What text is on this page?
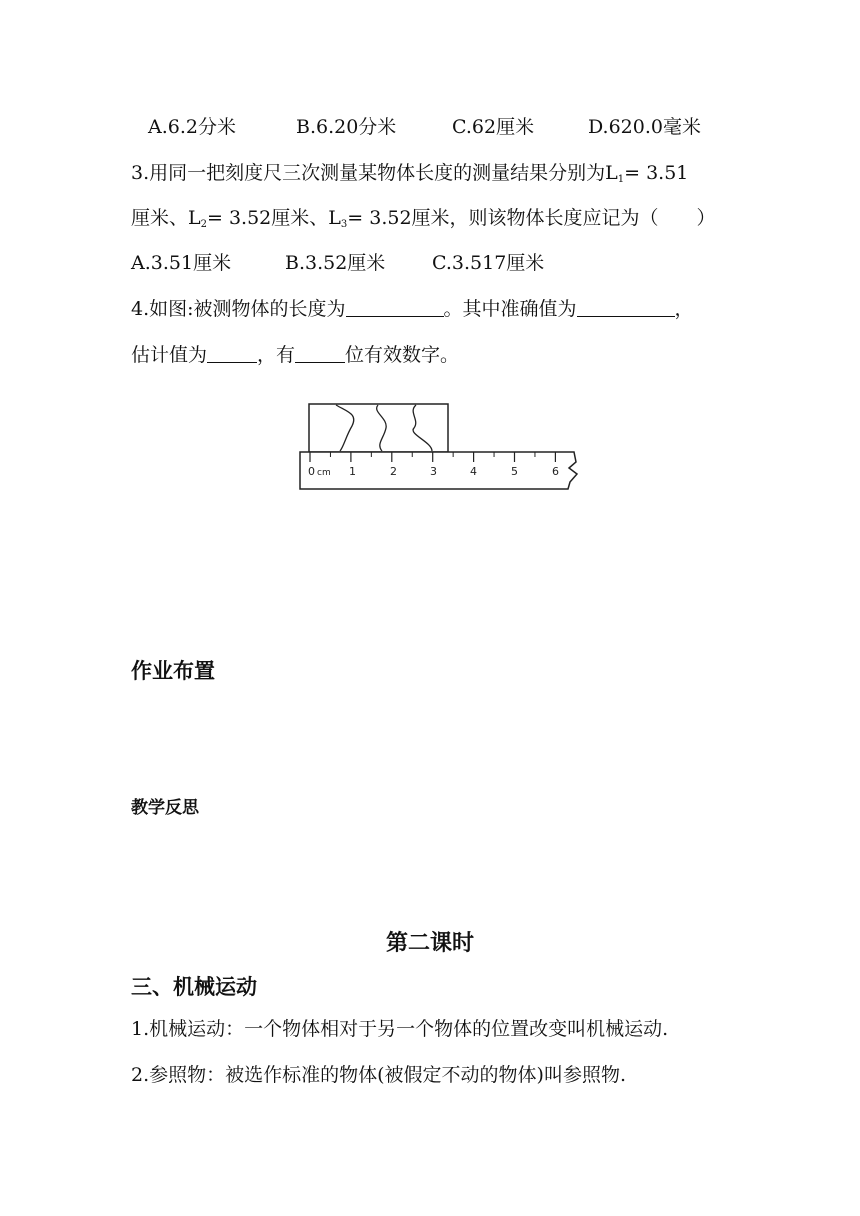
A.6.2分米	B.6.20分米	C.62厘米	D.620.0毫米
3.用同一把刻度尺三次测量某物体长度的测量结果分别为$L_1= 3.51$
厘米、$L_2= 3.52$厘米、$L_3= 3.52$厘米，则该物体长度应记为（　　）
A.3.51厘米	B.3.52厘米 C.3.517厘米
4.如图:被测物体的长度为	。其中准确值为	，
估计值为	，有	位有效数字。
0 cm 1	2	3	4	5	6
作业布置
教学反思
第二课时
三、机械运动
1.机械运动：一个物体相对于另一个物体的位置改变叫机械运动.
2.参照物：被选作标准的物体(被假定不动的物体)叫参照物.
